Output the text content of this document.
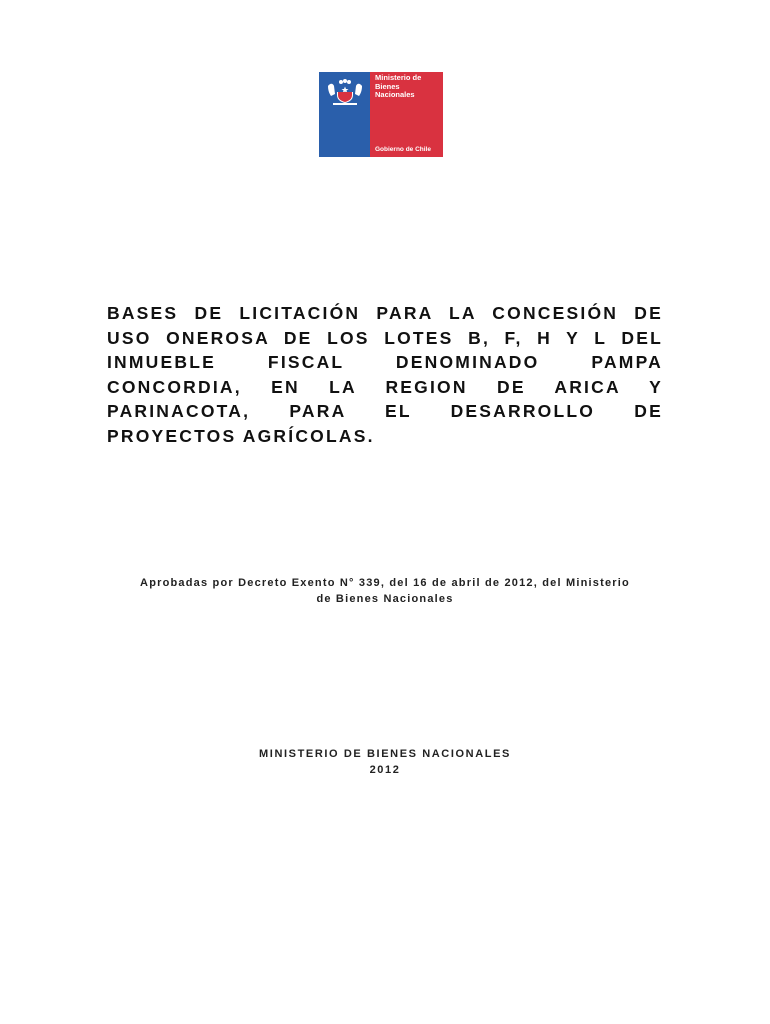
Ministerio de
Bienes
Nacionales
Gobierno de Chile
BASES DE LICITACIÓN PARA LA CONCESIÓN DE
USO ONEROSA DE LOS LOTES B, F, H Y L DEL
INMUEBLE FISCAL DENOMINADO PAMPA
CONCORDIA, EN LA REGION DE ARICA Y
PARINACOTA, PARA EL DESARROLLO DE
PROYECTOS AGRÍCOLAS.
Aprobadas por Decreto Exento N° 339, del 16 de abril de 2012, del Ministerio
de Bienes Nacionales
MINISTERIO DE BIENES NACIONALES
2012
